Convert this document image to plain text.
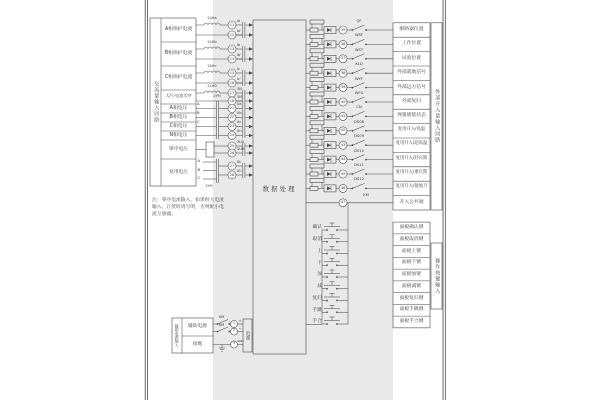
数据处理
注：零序电流输入，如果很大电流
输入，订货时请写明，否则配小电
流互感器。
交流量输入回路	外部开入量输入回路
操作按键输入
辅助电源输入	辅助电源
接地
电源
KM
KM
+
−
GND
A相保护电流
B相保护电流
C相保护电流
大/小电流零序
A相电压
B相电压
C相电压
N相电压
零序电压
复用电压
11
Ia
12
Ia'
2LHa
13
Ib
14
Ib'
2LHb
15
Ic
16
Ic'
2LHc
17
3I0
18
3I0'
2LH0
21
Ua
22
Ub
23
Uc
24
Un
A
B
C
2YH
25
3U0
26
3U0'
A
B
C
27
UL
28
UL'
2YH
断路器位置
QF
35
工作位置
WSF
36
试验位置
WST
37
外部就地信号
KLD
38
外部远方信号
WYF
39
外部复归
WFG
40
弹簧储能状态
CN
41
复用开入/高温
DS08
42
复用开入/超高温
DS09
43
复用开入/轻瓦斯
DS10
44
复用开入/重瓦斯
DS11
45
复用开入/接地刀
DS12
46
开入公共端
KM
47
确认	面板确认键
取消	面板取消键
上	面板上键
下	面板下键
加	面板加键
减	面板减键
复归	面板复归键
手跳	面板手跳键
手合	面板手合键
1
2
3
